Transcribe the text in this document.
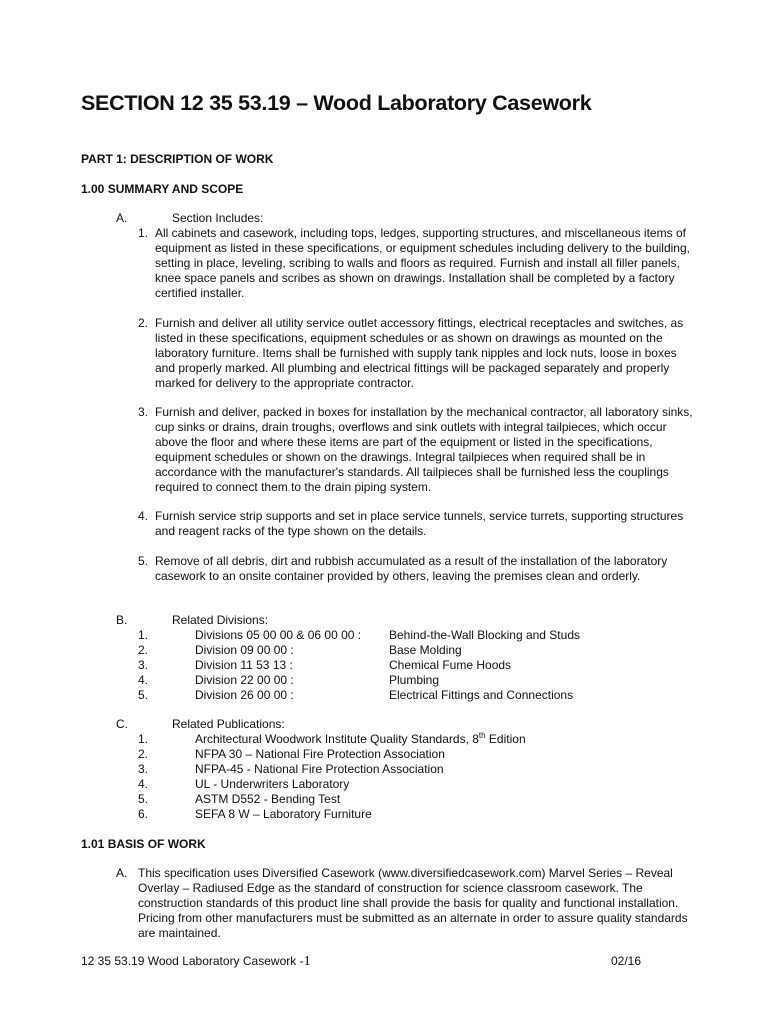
SECTION 12 35 53.19 – Wood Laboratory Casework
PART 1: DESCRIPTION OF WORK
1.00 SUMMARY AND SCOPE
A.	Section Includes:
1. All cabinets and casework, including tops, ledges, supporting structures, and miscellaneous items of equipment as listed in these specifications, or equipment schedules including delivery to the building, setting in place, leveling, scribing to walls and floors as required. Furnish and install all filler panels, knee space panels and scribes as shown on drawings. Installation shall be completed by a factory certified installer.
2. Furnish and deliver all utility service outlet accessory fittings, electrical receptacles and switches, as listed in these specifications, equipment schedules or as shown on drawings as mounted on the laboratory furniture. Items shall be furnished with supply tank nipples and lock nuts, loose in boxes and properly marked. All plumbing and electrical fittings will be packaged separately and properly marked for delivery to the appropriate contractor.
3. Furnish and deliver, packed in boxes for installation by the mechanical contractor, all laboratory sinks, cup sinks or drains, drain troughs, overflows and sink outlets with integral tailpieces, which occur above the floor and where these items are part of the equipment or listed in the specifications, equipment schedules or shown on the drawings. Integral tailpieces when required shall be in accordance with the manufacturer's standards. All tailpieces shall be furnished less the couplings required to connect them to the drain piping system.
4. Furnish service strip supports and set in place service tunnels, service turrets, supporting structures and reagent racks of the type shown on the details.
5. Remove of all debris, dirt and rubbish accumulated as a result of the installation of the laboratory casework to an onsite container provided by others, leaving the premises clean and orderly.
B.	Related Divisions:
1.	Divisions 05 00 00 & 06 00 00 : Behind-the-Wall Blocking and Studs
2.	Division 09 00 00 :	Base Molding
3.	Division 11 53 13 :	Chemical Fume Hoods
4.	Division 22 00 00 :	Plumbing
5.	Division 26 00 00 :	Electrical Fittings and Connections
C.	Related Publications:
1.	Architectural Woodwork Institute Quality Standards, 8th Edition
2.	NFPA 30 – National Fire Protection Association
3.	NFPA-45 - National Fire Protection Association
4.	UL - Underwriters Laboratory
5.	ASTM D552 - Bending Test
6.	SEFA 8 W – Laboratory Furniture
1.01 BASIS OF WORK
A. This specification uses Diversified Casework (www.diversifiedcasework.com) Marvel Series – Reveal Overlay – Radiused Edge as the standard of construction for science classroom casework. The construction standards of this product line shall provide the basis for quality and functional installation. Pricing from other manufacturers must be submitted as an alternate in order to assure quality standards are maintained.
12 35 53.19 Wood Laboratory Casework -1	02/16
